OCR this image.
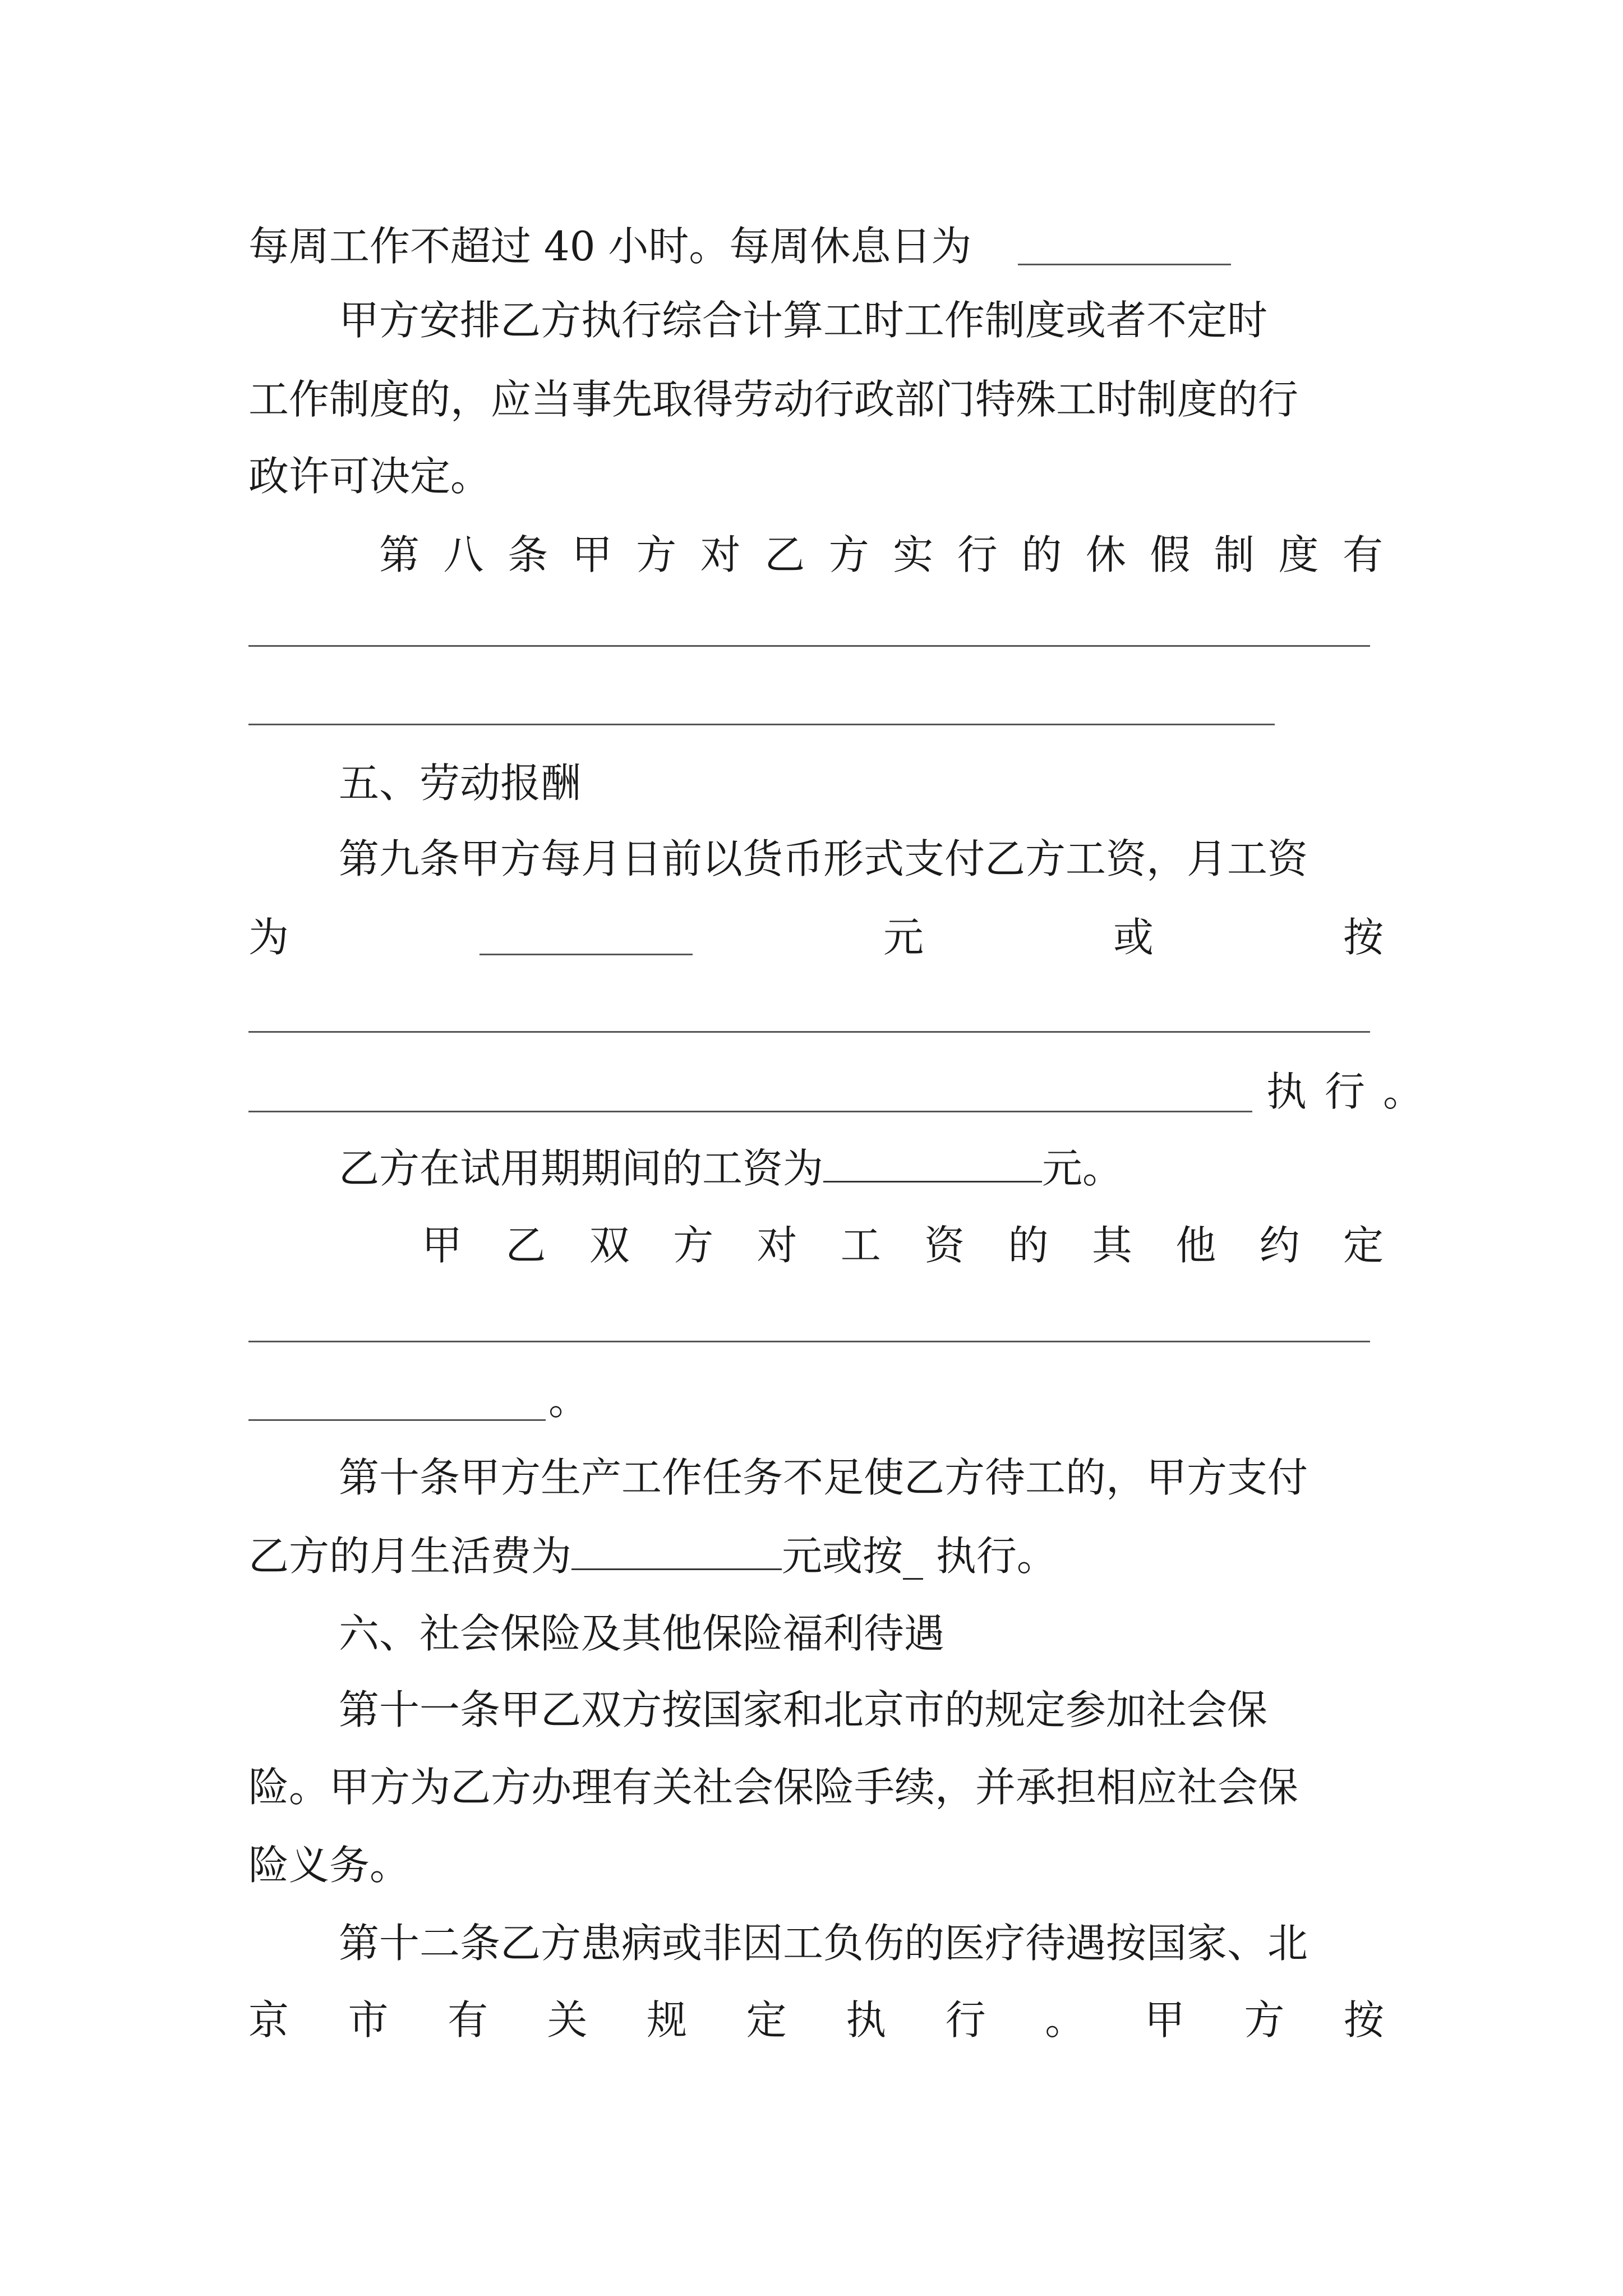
每周工作不超过 40 小时。每周休息日为
甲方安排乙方执行综合计算工时工作制度或者不定时
工作制度的，应当事先取得劳动行政部门特殊工时制度的行
政许可决定。
第 八 条 甲 方 对 乙 方 实 行 的 休 假 制 度 有
五、劳动报酬
第九条甲方每月日前以货币形式支付乙方工资，月工资
为	元	或	按
执 行 。
乙方在试用期期间的工资为	元。
甲 乙 双 方 对 工 资 的 其 他 约 定
。
第十条甲方生产工作任务不足使乙方待工的，甲方支付
乙方的月生活费为	元或按_ 执行。
六、社会保险及其他保险福利待遇
第十一条甲乙双方按国家和北京市的规定参加社会保
险。甲方为乙方办理有关社会保险手续，并承担相应社会保
险义务。
第十二条乙方患病或非因工负伤的医疗待遇按国家、北
京 市 有 关 规 定 执 行 。 甲 方 按
